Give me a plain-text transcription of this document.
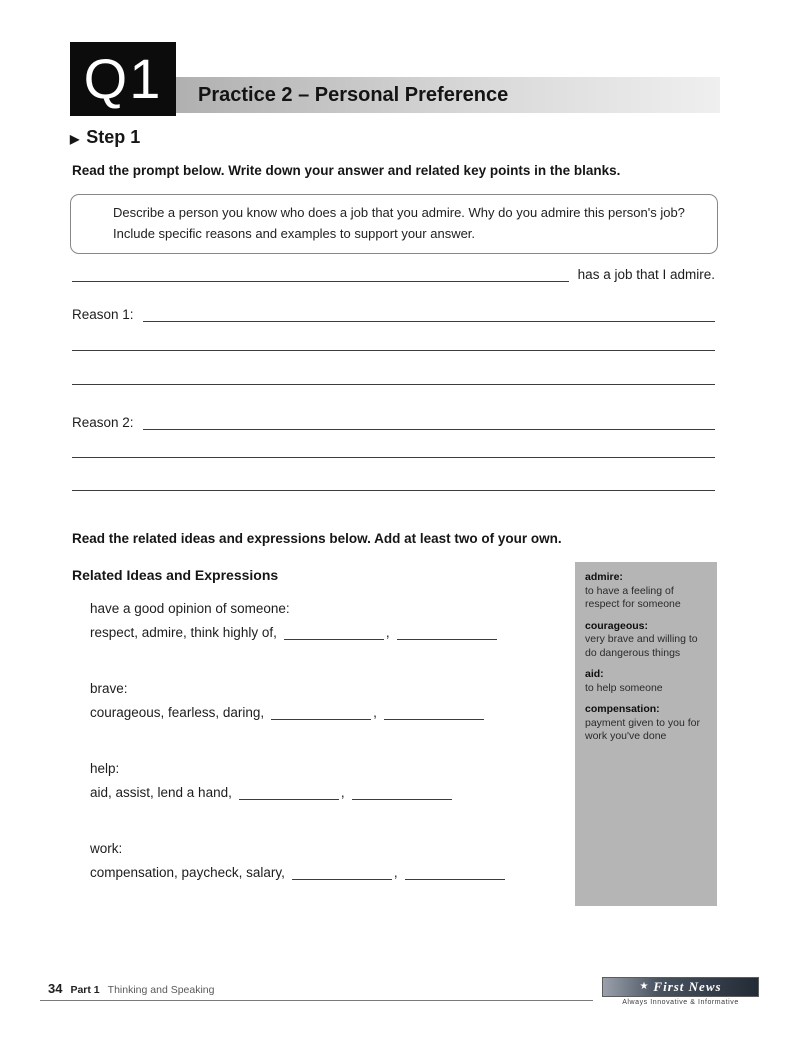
Q1	Practice 2 – Personal Preference
▶ Step 1
Read the prompt below. Write down your answer and related key points in the blanks.

Describe a person you know who does a job that you admire. Why do you admire this person's job? Include specific reasons and examples to support your answer.

has a job that I admire.
Reason 1:
Reason 2:
Read the related ideas and expressions below. Add at least two of your own.
Related Ideas and Expressions
have a good opinion of someone:
respect, admire, think highly of,	,
brave:
courageous, fearless, daring,	,
help:
aid, assist, lend a hand,	,
work:
compensation, paycheck, salary,	,
admire:
to have a feeling of respect for someone
courageous:
very brave and willing to do dangerous things
aid:
to help someone
compensation:
payment given to you for work you've done
34 Part 1 Thinking and Speaking	★ First News
Always Innovative & Informative
